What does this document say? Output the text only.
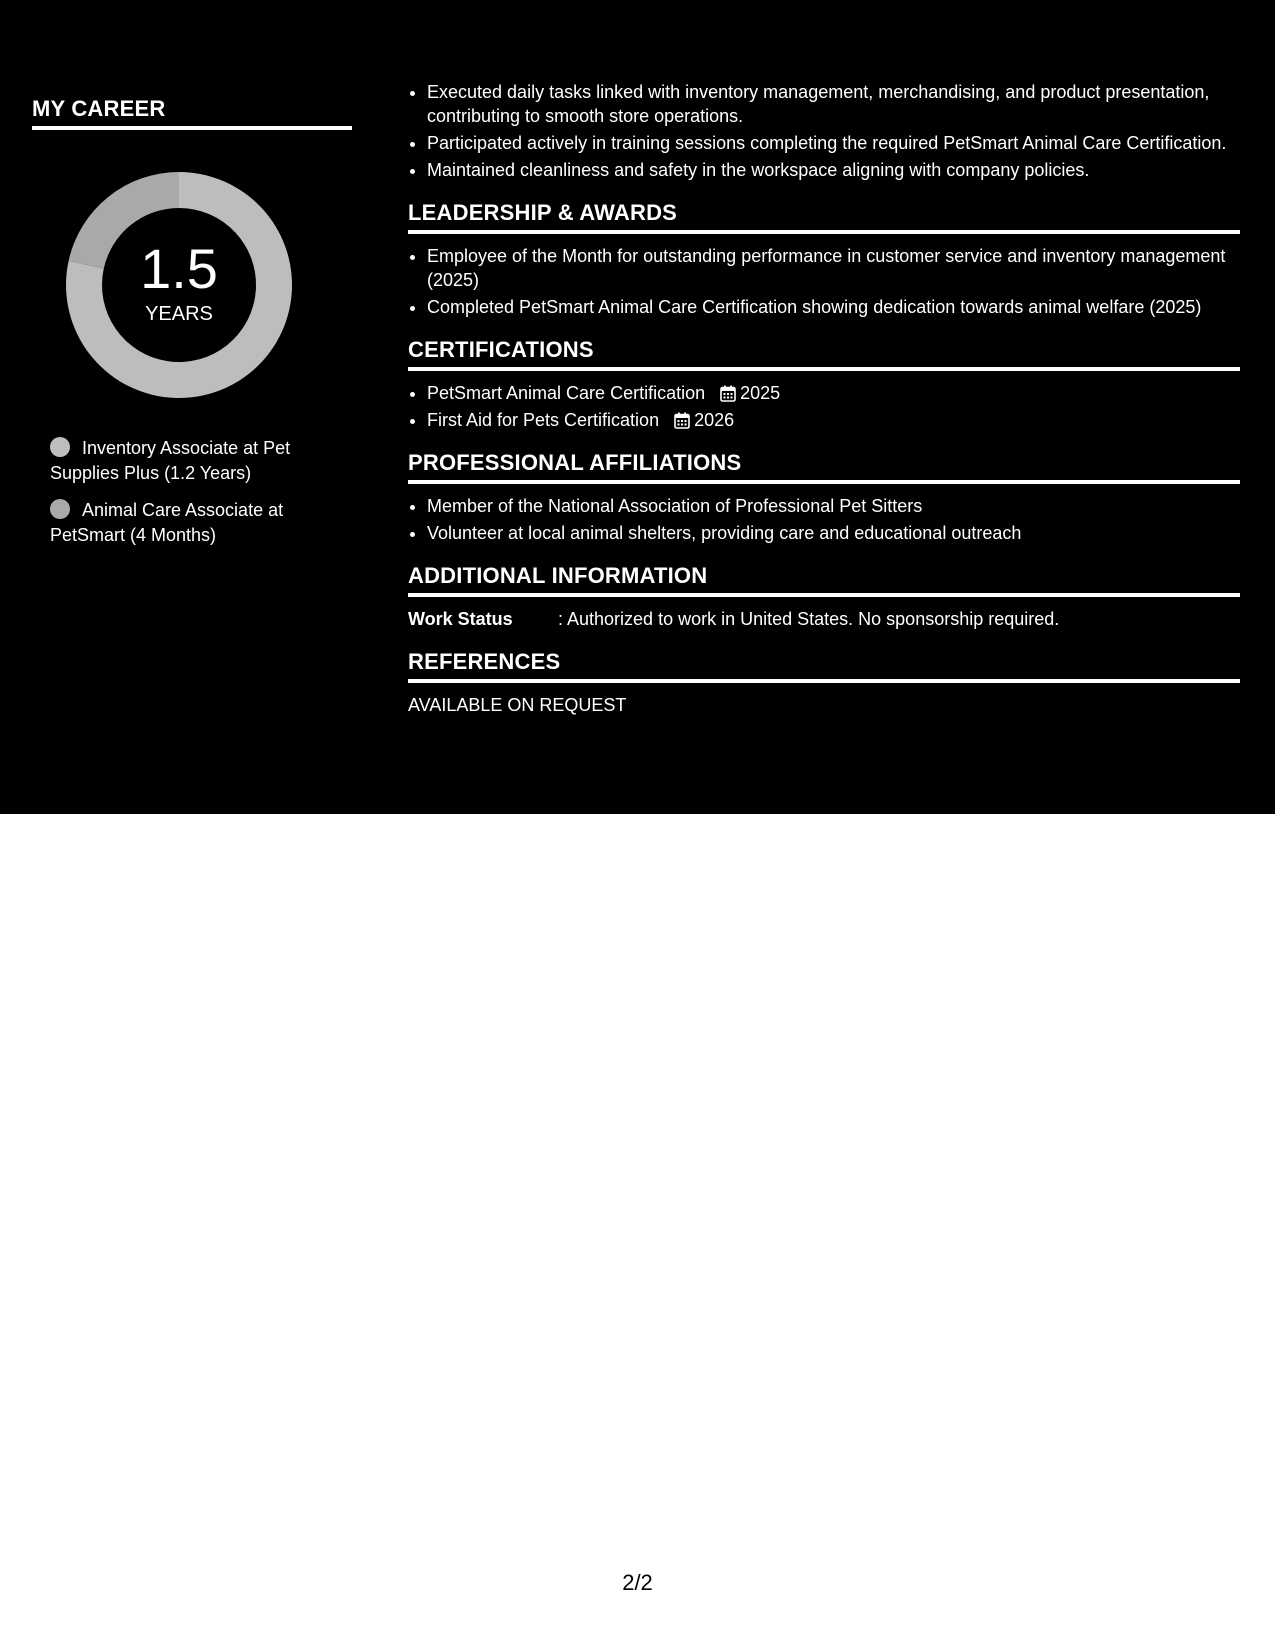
MY CAREER
1.5
YEARS
Inventory Associate at Pet Supplies Plus (1.2 Years)
Animal Care Associate at PetSmart (4 Months)
• Executed daily tasks linked with inventory management, merchandising, and product presentation, contributing to smooth store operations.
• Participated actively in training sessions completing the required PetSmart Animal Care Certification.
• Maintained cleanliness and safety in the workspace aligning with company policies.
LEADERSHIP & AWARDS
• Employee of the Month for outstanding performance in customer service and inventory management (2025)
• Completed PetSmart Animal Care Certification showing dedication towards animal welfare (2025)
CERTIFICATIONS
• PetSmart Animal Care Certification 2025
• First Aid for Pets Certification 2026
PROFESSIONAL AFFILIATIONS
• Member of the National Association of Professional Pet Sitters
• Volunteer at local animal shelters, providing care and educational outreach
ADDITIONAL INFORMATION
Work Status	: Authorized to work in United States. No sponsorship required.
REFERENCES

AVAILABLE ON REQUEST

2/2
